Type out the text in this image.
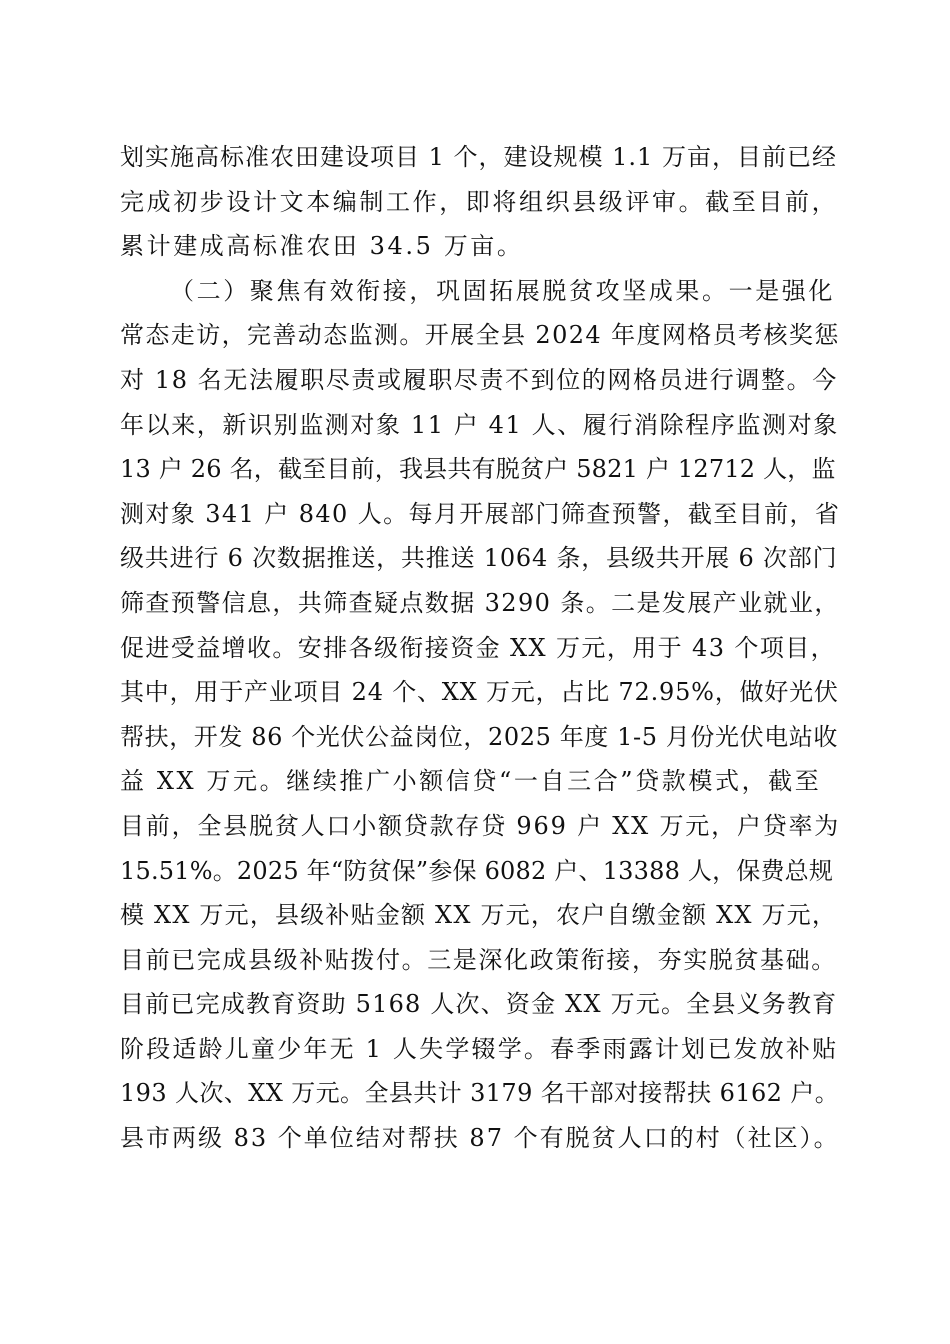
划实施高标准农田建设项目 1 个，建设规模 1.1 万亩，目前已经
完成初步设计文本编制工作，即将组织县级评审。截至目前，
累计建成高标准农田 34.5 万亩。
（二）聚焦有效衔接，巩固拓展脱贫攻坚成果。一是强化
常态走访，完善动态监测。开展全县 2024 年度网格员考核奖惩
对 18 名无法履职尽责或履职尽责不到位的网格员进行调整。今
年以来，新识别监测对象 11 户 41 人、履行消除程序监测对象
13 户 26 名，截至目前，我县共有脱贫户 5821 户 12712 人，监
测对象 341 户 840 人。每月开展部门筛查预警，截至目前，省
级共进行 6 次数据推送，共推送 1064 条，县级共开展 6 次部门
筛查预警信息，共筛查疑点数据 3290 条。二是发展产业就业，
促进受益增收。安排各级衔接资金 XX 万元，用于 43 个项目，
其中，用于产业项目 24 个、XX 万元，占比 72.95%，做好光伏
帮扶，开发 86 个光伏公益岗位，2025 年度 1-5 月份光伏电站收
益 XX 万元。继续推广小额信贷“一自三合”贷款模式，截至
目前，全县脱贫人口小额贷款存贷 969 户 XX 万元，户贷率为
15.51%。2025 年“防贫保”参保 6082 户、13388 人，保费总规
模 XX 万元，县级补贴金额 XX 万元，农户自缴金额 XX 万元，
目前已完成县级补贴拨付。三是深化政策衔接，夯实脱贫基础。
目前已完成教育资助 5168 人次、资金 XX 万元。全县义务教育
阶段适龄儿童少年无 1 人失学辍学。春季雨露计划已发放补贴
193 人次、XX 万元。全县共计 3179 名干部对接帮扶 6162 户。
县市两级 83 个单位结对帮扶 87 个有脱贫人口的村（社区）。
